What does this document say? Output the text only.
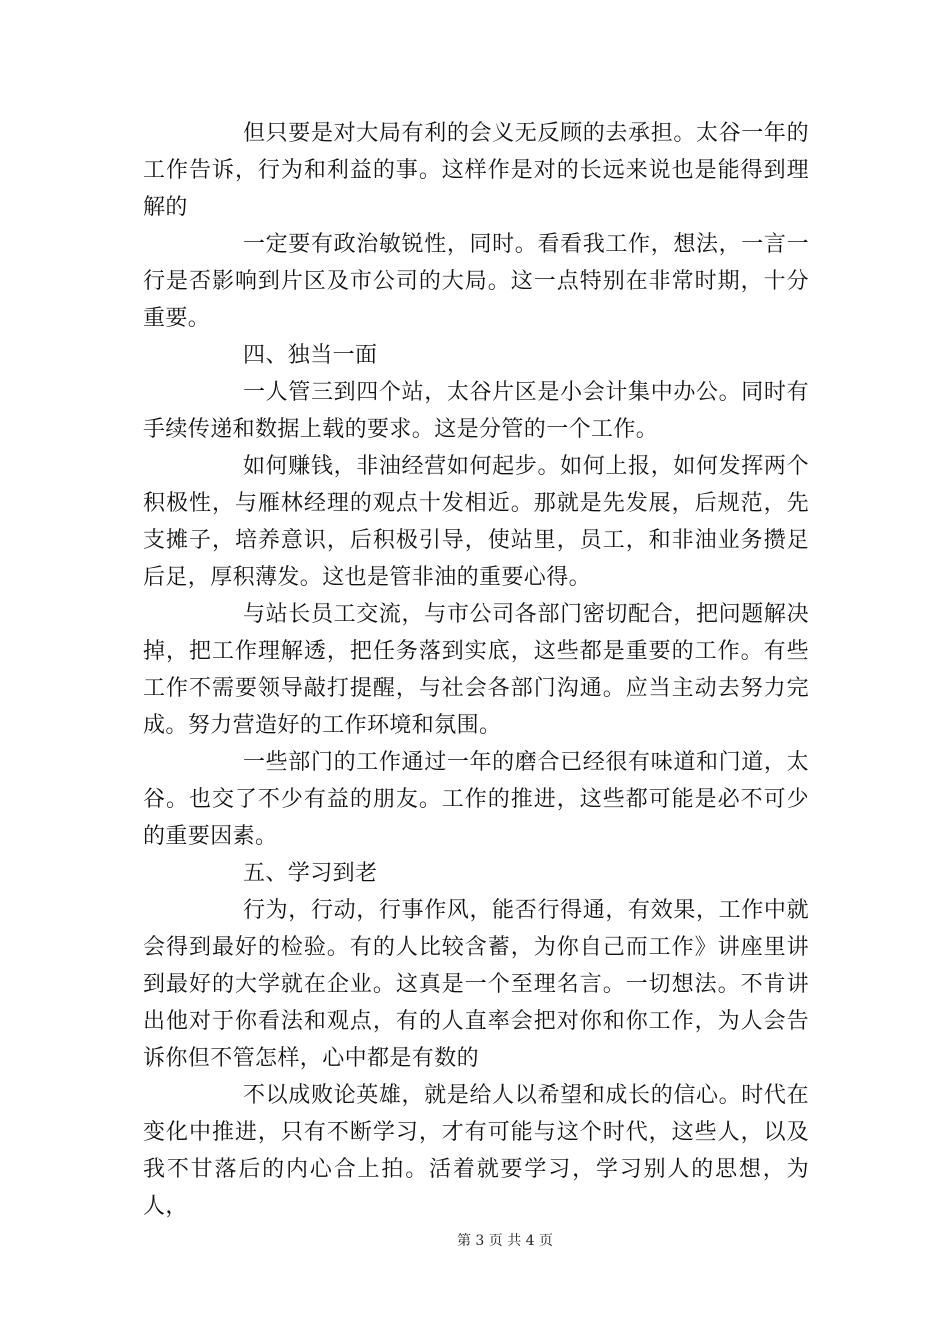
但只要是对大局有利的会义无反顾的去承担。太谷一年的工作告诉，行为和利益的事。这样作是对的长远来说也是能得到理解的

一定要有政治敏锐性，同时。看看我工作，想法，一言一行是否影响到片区及市公司的大局。这一点特别在非常时期，十分重要。

四、独当一面

一人管三到四个站，太谷片区是小会计集中办公。同时有手续传递和数据上载的要求。这是分管的一个工作。

如何赚钱，非油经营如何起步。如何上报，如何发挥两个积极性，与雁林经理的观点十发相近。那就是先发展，后规范，先支摊子，培养意识，后积极引导，使站里，员工，和非油业务攒足后足，厚积薄发。这也是管非油的重要心得。

与站长员工交流，与市公司各部门密切配合，把问题解决掉，把工作理解透，把任务落到实底，这些都是重要的工作。有些工作不需要领导敲打提醒，与社会各部门沟通。应当主动去努力完成。努力营造好的工作环境和氛围。

一些部门的工作通过一年的磨合已经很有味道和门道，太谷。也交了不少有益的朋友。工作的推进，这些都可能是必不可少的重要因素。

五、学习到老

行为，行动，行事作风，能否行得通，有效果，工作中就会得到最好的检验。有的人比较含蓄，为你自己而工作》讲座里讲到最好的大学就在企业。这真是一个至理名言。一切想法。不肯讲出他对于你看法和观点，有的人直率会把对你和你工作，为人会告诉你但不管怎样，心中都是有数的

不以成败论英雄，就是给人以希望和成长的信心。时代在变化中推进，只有不断学习，才有可能与这个时代，这些人，以及我不甘落后的内心合上拍。活着就要学习，学习别人的思想，为人，

第 3 页 共 4 页
